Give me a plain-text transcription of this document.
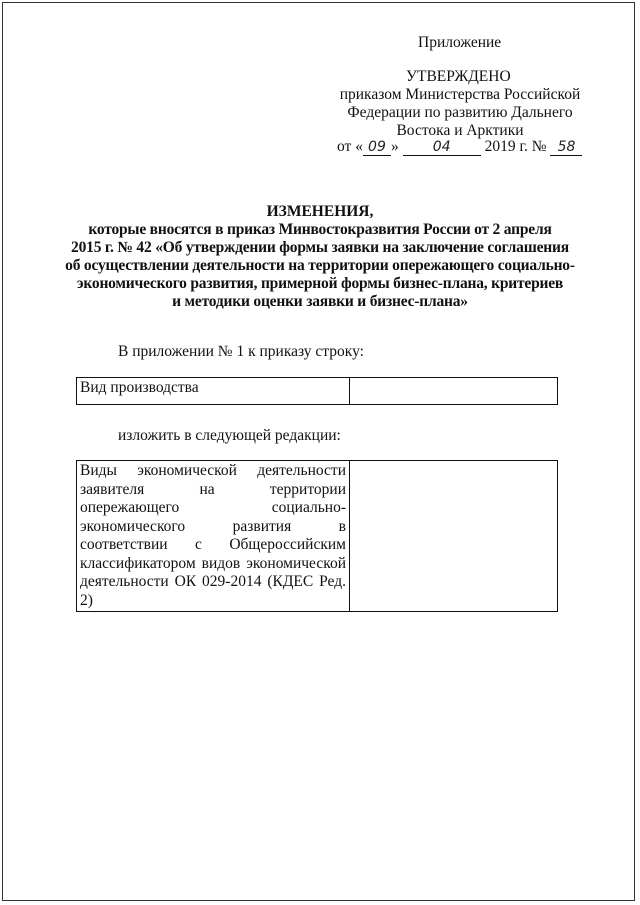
Приложение
УТВЕРЖДЕНО
приказом Министерства Российской
Федерации по развитию Дальнего
Востока и Арктики
от « 09 » 04 2019 г. № 58
ИЗМЕНЕНИЯ,
которые вносятся в приказ Минвостокразвития России от 2 апреля
2015 г. № 42 «Об утверждении формы заявки на заключение соглашения
об осуществлении деятельности на территории опережающего социально-
экономического развития, примерной формы бизнес-плана, критериев
и методики оценки заявки и бизнес-плана»
В приложении № 1 к приказу строку:
Вид производства	
изложить в следующей редакции:
Виды экономической деятельности заявителя на территории опережающего социально-экономического развития в соответствии с Общероссийским классификатором видов экономической деятельности ОК 029-2014 (КДЕС Ред. 2)	
